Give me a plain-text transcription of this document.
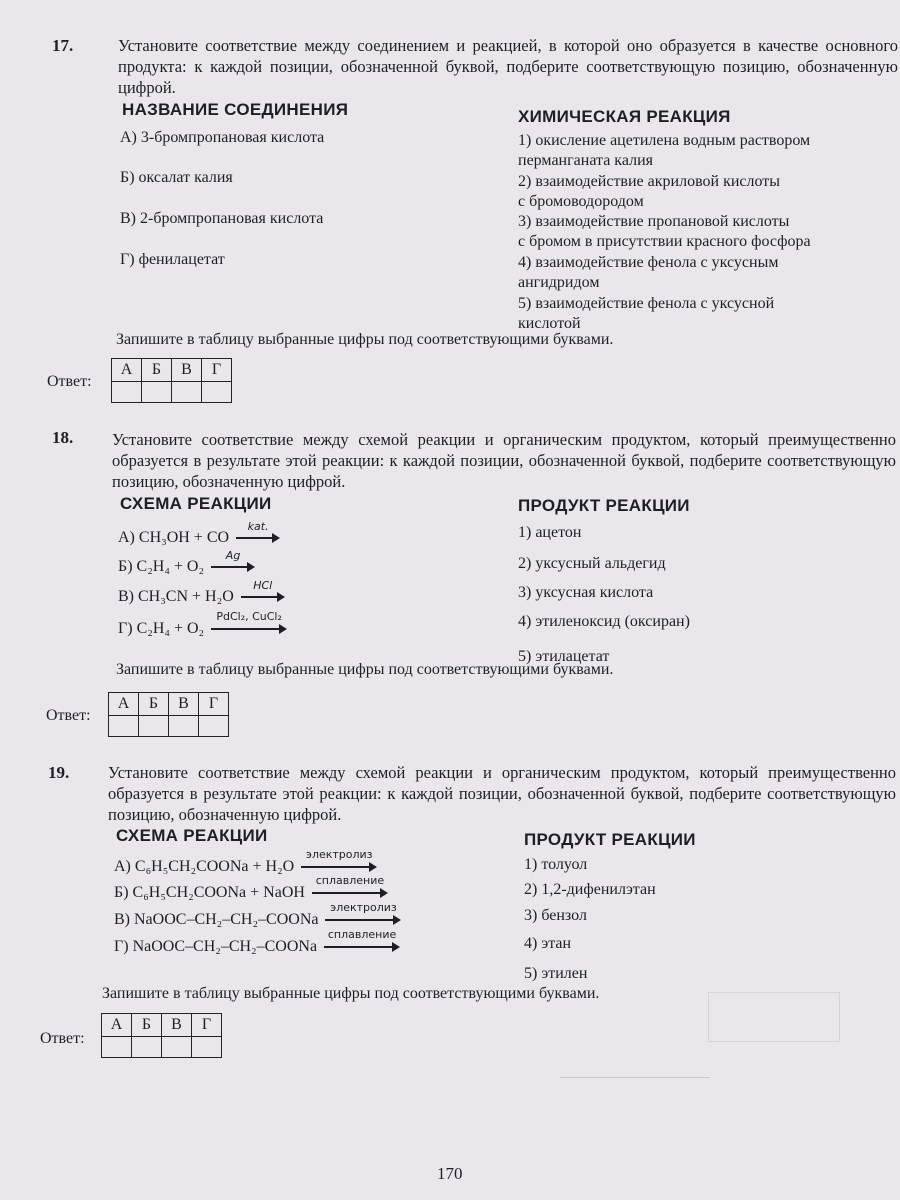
17.	Установите соответствие между соединением и реакцией, в которой оно образуется в качестве основного продукта: к каждой позиции, обозначенной буквой, подберите соответствующую позицию, обозначенную цифрой.
НАЗВАНИЕ СОЕДИНЕНИЯ	ХИМИЧЕСКАЯ РЕАКЦИЯ
А) 3-бромпропановая кислота
Б) оксалат калия
В) 2-бромпропановая кислота
Г) фенилацетат
1) окисление ацетилена водным раствором
перманганата калия
2) взаимодействие акриловой кислоты
с бромоводородом
3) взаимодействие пропановой кислоты
с бромом в присутствии красного фосфора
4) взаимодействие фенола с уксусным
ангидридом
5) взаимодействие фенола с уксусной
кислотой
Запишите в таблицу выбранные цифры под соответствующими буквами.
Ответ:
А	Б	В	Г

18. Установите соответствие между схемой реакции и органическим продуктом, который преимущественно образуется в результате этой реакции: к каждой позиции, обозначенной буквой, подберите соответствующую позицию, обозначенную цифрой.
СХЕМА РЕАКЦИИ	ПРОДУКТ РЕАКЦИИ
А) CH₃OH + CO
kat.
Б) C₂H₄ + O₂
Ag
В) CH₃CN + H₂O
HCl
Г) C₂H₄ + O₂
PdCl₂, CuCl₂
1) ацетон
2) уксусный альдегид
3) уксусная кислота
4) этиленоксид (оксиран)
5) этилацетат
Запишите в таблицу выбранные цифры под соответствующими буквами.
Ответ:
А	Б	В	Г

19. Установите соответствие между схемой реакции и органическим продуктом, который преимущественно образуется в результате этой реакции: к каждой позиции, обозначенной буквой, подберите соответствующую позицию, обозначенную цифрой.
СХЕМА РЕАКЦИИ	ПРОДУКТ РЕАКЦИИ
А) C₆H₅CH₂COONa + H₂O
электролиз
Б) C₆H₅CH₂COONa + NaOH
сплавление
В) NaOOC–CH₂–CH₂–COONa
электролиз
Г) NaOOC–CH₂–CH₂–COONa
сплавление
1) толуол
2) 1,2-дифенилэтан
3) бензол
4) этан
5) этилен
Запишите в таблицу выбранные цифры под соответствующими буквами.
Ответ:
А	Б	В	Г

170
